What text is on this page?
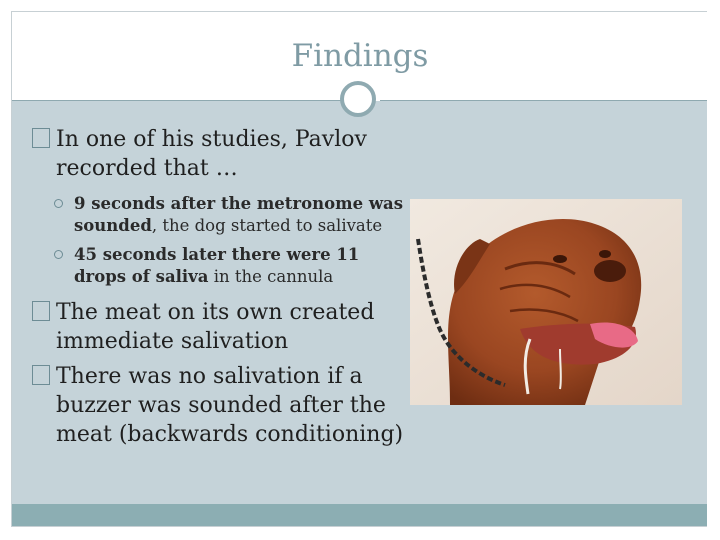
Findings
In one of his studies, Pavlov recorded that …
9 seconds after the metronome was sounded, the dog started to salivate
45 seconds later there were 11 drops of saliva in the cannula
The meat on its own created immediate salivation
There was no salivation if a buzzer was sounded after the meat (backwards conditioning)
